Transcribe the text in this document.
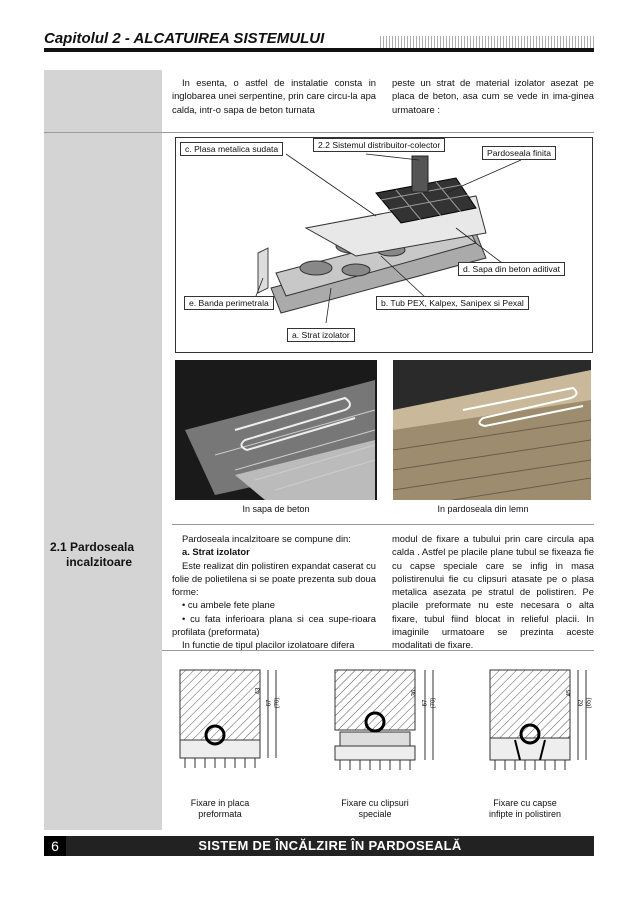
Capitolul 2 - ALCATUIREA SISTEMULUI
2.1 Pardoseala
incalzitoare

In esenta, o astfel de instalatie consta in inglobarea unei serpentine, prin care circu-la apa calda, intr-o sapa de beton turnata

peste un strat de material izolator asezat pe placa de beton, asa cum se vede in ima-ginea urmatoare :

c. Plasa metalica sudata	2.2 Sistemul distribuitor-colector
Pardoseala finita
d. Sapa din beton aditivat
e. Banda perimetrala	b. Tub PEX, Kalpex, Sanipex si Pexal
a. Strat izolator
In sapa de beton	In pardoseala din lemn

Pardoseala incalzitoare se compune din:

a. Strat izolator

Este realizat din polistiren expandat caserat cu folie de polietilena si se poate prezenta sub doua forme:

• cu ambele fete plane

• cu fata inferioara plana si cea supe-rioara profilata (preformata)

In functie de tipul placilor izolatoare difera

modul de fixare a tubului prin care circula apa calda . Astfel pe placile plane tubul se fixeaza fie cu capse speciale care se infig in masa polistirenului fie cu clipsuri atasate pe o plasa metalica asezata pe stratul de polistiren. Pe placile preformate nu este necesara o alta fixare, tubul fiind blocat in relieful placii. In imaginile urmatoare se prezinta aceste modalitati de fixare.

43
67 (70)
36
67 (70)
45
62 (65)
Fixare in placa
preformata
Fixare cu clipsuri
speciale
Fixare cu capse
infipte in polistiren
6	SISTEM DE ÎNCĂLZIRE ÎN PARDOSEALĂ
